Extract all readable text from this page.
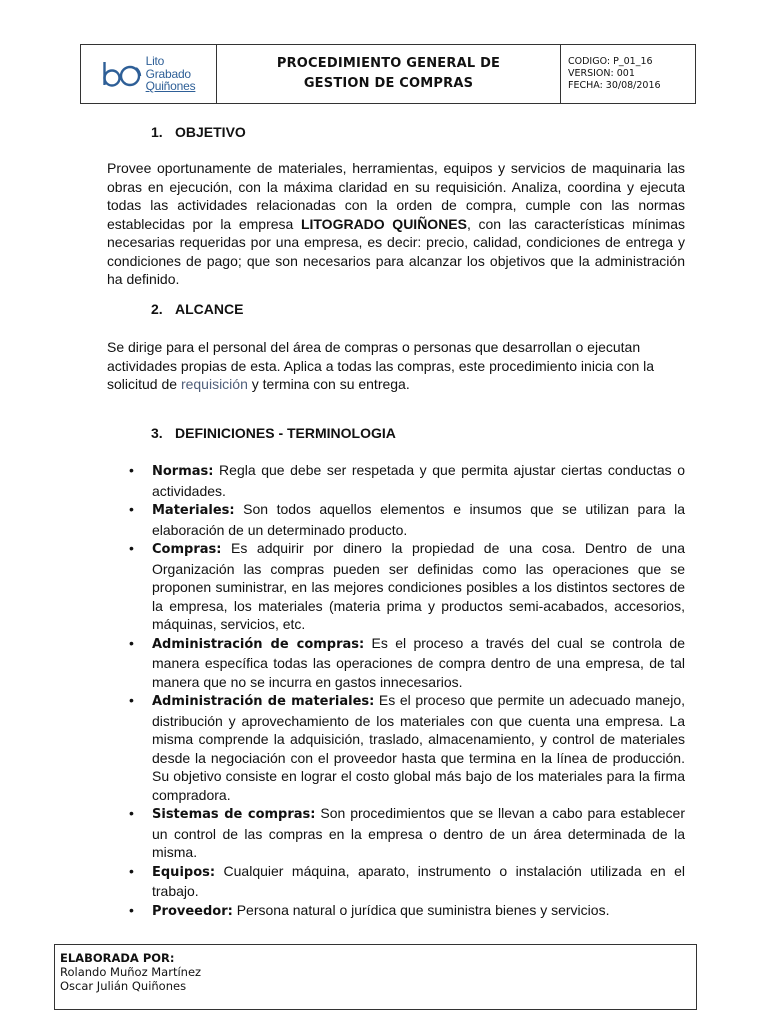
Lito
Grabado
Quiñones
PROCEDIMIENTO GENERAL DE
GESTION DE COMPRAS
CODIGO: P_01_16
VERSION: 001
FECHA: 30/08/2016
1. OBJETIVO
Provee oportunamente de materiales, herramientas, equipos y servicios de maquinaria las obras en ejecución, con la máxima claridad en su requisición. Analiza, coordina y ejecuta todas las actividades relacionadas con la orden de compra, cumple con las normas establecidas por la empresa LITOGRADO QUIÑONES, con las características mínimas necesarias requeridas por una empresa, es decir: precio, calidad, condiciones de entrega y condiciones de pago; que son necesarios para alcanzar los objetivos que la administración ha definido.
2. ALCANCE
Se dirige para el personal del área de compras o personas que desarrollan o ejecutan actividades propias de esta. Aplica a todas las compras, este procedimiento inicia con la solicitud de requisición y termina con su entrega.
3. DEFINICIONES - TERMINOLOGIA
• Normas: Regla que debe ser respetada y que permita ajustar ciertas conductas o actividades.
• Materiales: Son todos aquellos elementos e insumos que se utilizan para la elaboración de un determinado producto.
• Compras: Es adquirir por dinero la propiedad de una cosa. Dentro de una Organización las compras pueden ser definidas como las operaciones que se proponen suministrar, en las mejores condiciones posibles a los distintos sectores de la empresa, los materiales (materia prima y productos semi-acabados, accesorios, máquinas, servicios, etc.
• Administración de compras: Es el proceso a través del cual se controla de manera específica todas las operaciones de compra dentro de una empresa, de tal manera que no se incurra en gastos innecesarios.
• Administración de materiales: Es el proceso que permite un adecuado manejo, distribución y aprovechamiento de los materiales con que cuenta una empresa. La misma comprende la adquisición, traslado, almacenamiento, y control de materiales desde la negociación con el proveedor hasta que termina en la línea de producción. Su objetivo consiste en lograr el costo global más bajo de los materiales para la firma compradora.
• Sistemas de compras: Son procedimientos que se llevan a cabo para establecer un control de las compras en la empresa o dentro de un área determinada de la misma.
• Equipos: Cualquier máquina, aparato, instrumento o instalación utilizada en el trabajo.
• Proveedor: Persona natural o jurídica que suministra bienes y servicios.
ELABORADA POR:
Rolando Muñoz Martínez
Oscar Julián Quiñones
